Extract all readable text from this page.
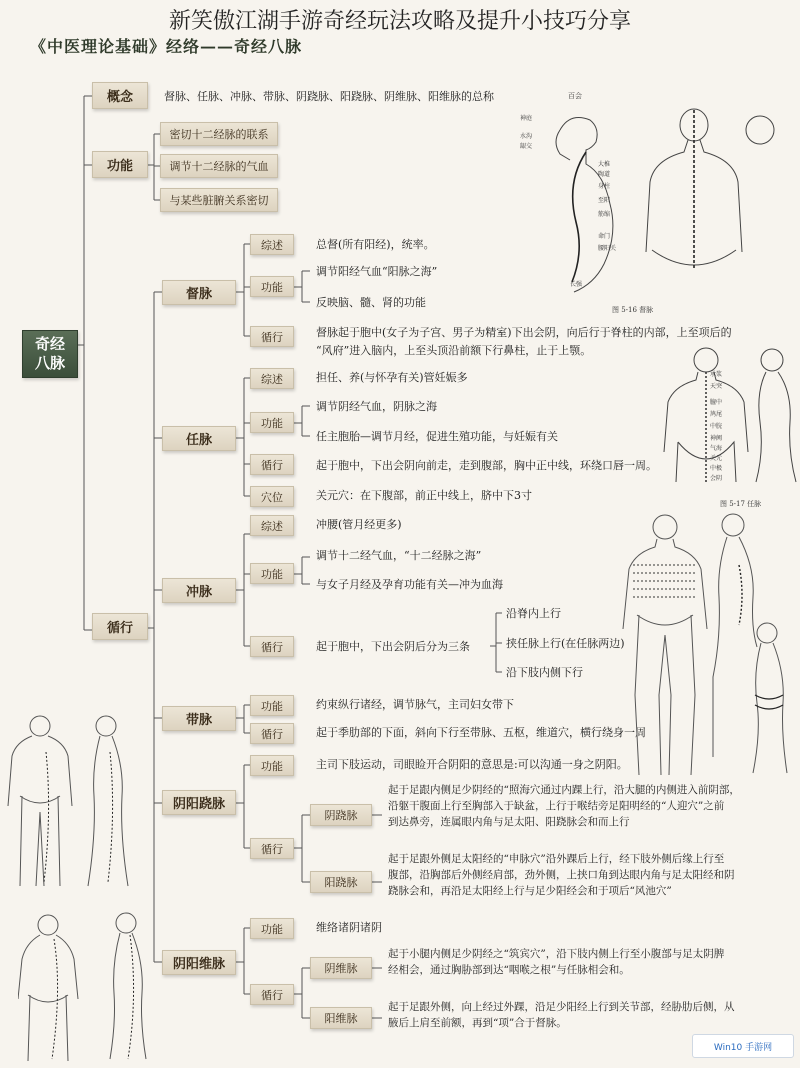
新笑傲江湖手游奇经玩法攻略及提升小技巧分享
《中医理论基础》经络——奇经八脉
奇经
八脉
概念	督脉、任脉、冲脉、带脉、阴跷脉、阳跷脉、阴维脉、阳维脉的总称
功能
密切十二经脉的联系
调节十二经脉的气血
与某些脏腑关系密切
循行
督脉
综述	总督(所有阳经)，统率。
功能
调节阳经气血“阳脉之海”
反映脑、髓、肾的功能
循行	督脉起于胞中(女子为子宫、男子为精室)下出会阴，向后行于脊柱的内部，上至项后的
“风府”进入脑内，上至头顶沿前额下行鼻柱，止于上颚。
任脉
综述	担任、养(与怀孕有关)管妊娠多
功能
调节阴经气血，阴脉之海
任主胞胎—调节月经，促进生殖功能，与妊娠有关
循行	起于胞中，下出会阴向前走，走到腹部，胸中正中线，环绕口唇一周。
穴位	关元穴：在下腹部，前正中线上，脐中下3寸
冲脉
综述	冲腰(管月经更多)
功能
调节十二经气血，“十二经脉之海”
与女子月经及孕育功能有关—冲为血海
循行	起于胞中，下出会阴后分为三条
沿脊内上行
挟任脉上行(在任脉两边)
沿下肢内侧下行
带脉
功能	约束纵行诸经，调节脉气，主司妇女带下
循行	起于季肋部的下面，斜向下行至带脉、五枢，维道穴，横行绕身一周
阴阳跷脉
功能	主司下肢运动，司眼睑开合阴阳的意思是:可以沟通一身之阴阳。
循行
阴跷脉
起于足跟内侧足少阴经的“照海穴通过内踝上行，沿大腿的内侧进入前阴部，
沿躯干腹面上行至胸部入于缺盆，上行于喉结旁足阳明经的“人迎穴”之前
到达鼻旁，连属眼内角与足太阳、阳跷脉会和而上行
阳跷脉
起于足跟外侧足太阳经的“申脉穴”沿外踝后上行，经下肢外侧后缘上行至
腹部，沿胸部后外侧经肩部，劲外侧，上挟口角到达眼内角与足太阳经和阴
跷脉会和，再沿足太阳经上行与足少阳经会和于项后“风池穴”
阴阳维脉
功能	维络诸阴诸阴
循行
阴维脉
起于小腿内侧足少阴经之“筑宾穴”，沿下肢内侧上行至小腹部与足太阴脾
经相会，通过胸胁部到达“咽喉之根”与任脉相会和。
阳维脉
起于足跟外侧，向上经过外踝，沿足少阳经上行到关节部，经胁肋后侧，从
腋后上肩至前额，再到“项”合于督脉。
百会
神庭
水沟
龈交
大椎
陶道
身柱
至阳
筋缩
命门
腰阳关
长强
图 5-16 督脉
承浆
天突
膻中
鸠尾
中脘
神阙
气海
关元
中极
会阴
图 5-17 任脉
Win10 手游网
